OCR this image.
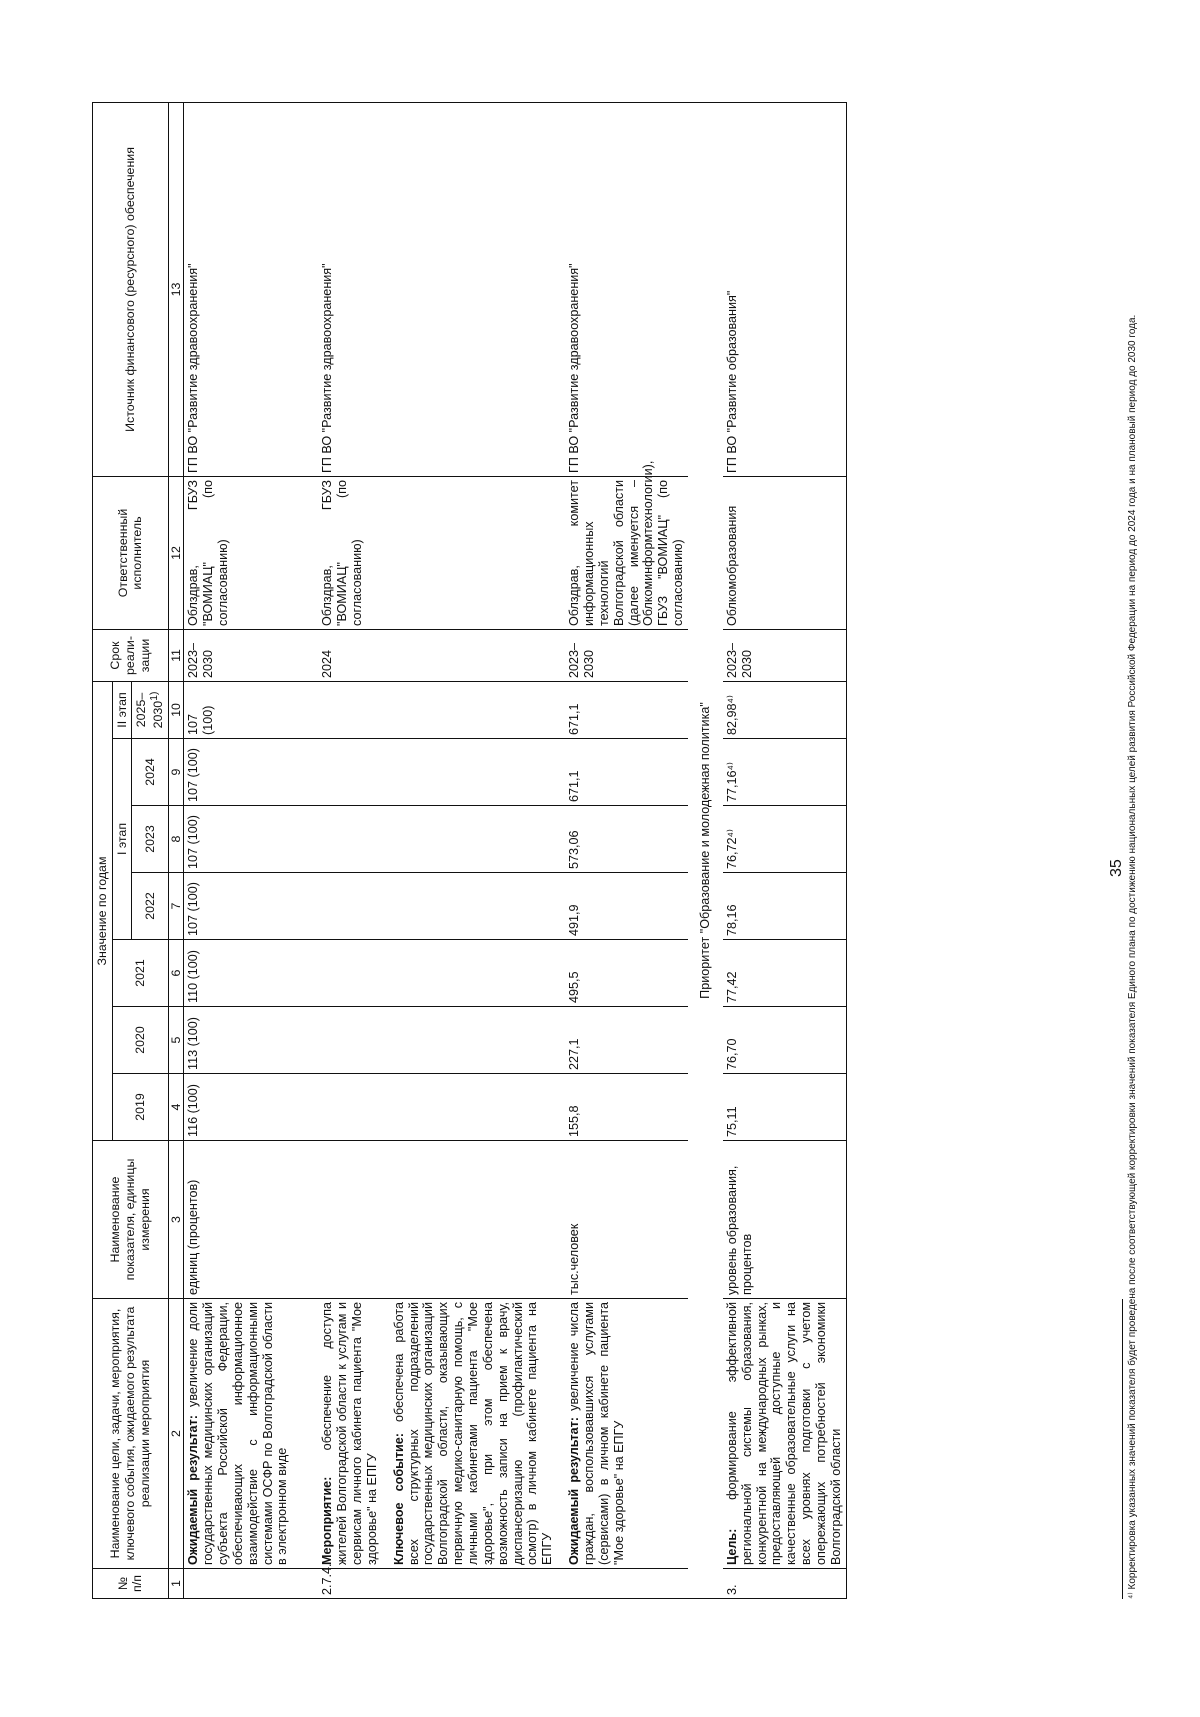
35
№ п/п	Наименование цели, задачи, мероприятия, ключевого события, ожидаемого результата реализации мероприятия	Наименование показателя, единицы измерения	Значение по годам							Срок реали-зации	Ответственный исполнитель	Источник финансового (ресурсного) обеспечения
			2019	2020	2021	I этап			II этап			
						2022	2023	2024	2025–2030$^{1)}$
1	2	3	4	5	6	7	8	9	10	11	12	13
	Ожидаемый результат: увеличение доли государственных медицинских организаций субъекта Российской Федерации, обеспечивающих информационное взаимодействие с информационными системами ОСФР по Волгоградской области в электронном виде	единиц (процентов)	116 (100)	113 (100)	110 (100)	107 (100)	107 (100)	107 (100)	107 (100)	2023–2030	Облздрав, ГБУЗ "ВОМИАЦ" (по согласованию)	ГП ВО "Развитие здравоохранения"
2.7.4.	Мероприятие: обеспечение доступа жителей Волгоградской области к услугам и сервисам личного кабинета пациента "Мое здоровье" на ЕПГУ									2024	Облздрав, ГБУЗ "ВОМИАЦ" (по согласованию)	ГП ВО "Развитие здравоохранения"
	Ключевое событие: обеспечена работа всех структурных подразделений государственных медицинских организаций Волгоградской области, оказывающих первичную медико-санитарную помощь, с личными кабинетами пациента "Мое здоровье", при этом обеспечена возможность записи на прием к врачу, диспансеризацию (профилактический осмотр) в личном кабинете пациента на ЕПГУ											
	Ожидаемый результат: увеличение числа граждан, воспользовавшихся услугами (сервисами) в личном кабинете пациента "Мое здоровье" на ЕПГУ	тыс.человек	155,8	227,1	495,5	491,9	573,06	671,1	671,1	2023–2030	Облздрав, комитет информационных технологий Волгоградской области (далее именуется – Облкоминформтехнологии), ГБУЗ "ВОМИАЦ" (по согласованию)	ГП ВО "Развитие здравоохранения"
Приоритет "Образование и молодежная политика"												
3.	Цель: формирование эффективной региональной системы образования, конкурентной на международных рынках, предоставляющей доступные и качественные образовательные услуги на всех уровнях подготовки с учетом опережающих потребностей экономики Волгоградской области	уровень образования, процентов	75,11	76,70	77,42	78,16	76,72⁴⁾	77,16⁴⁾	82,98⁴⁾	2023–2030	Облкомобразования	ГП ВО "Развитие образования"	⁴⁾ Корректировка указанных значений показателя будет проведена после соответствующей корректировки значений показателя Единого плана по достижению национальных целей развития Российской Федерации на период до 2024 года и на плановый период до 2030 года.
